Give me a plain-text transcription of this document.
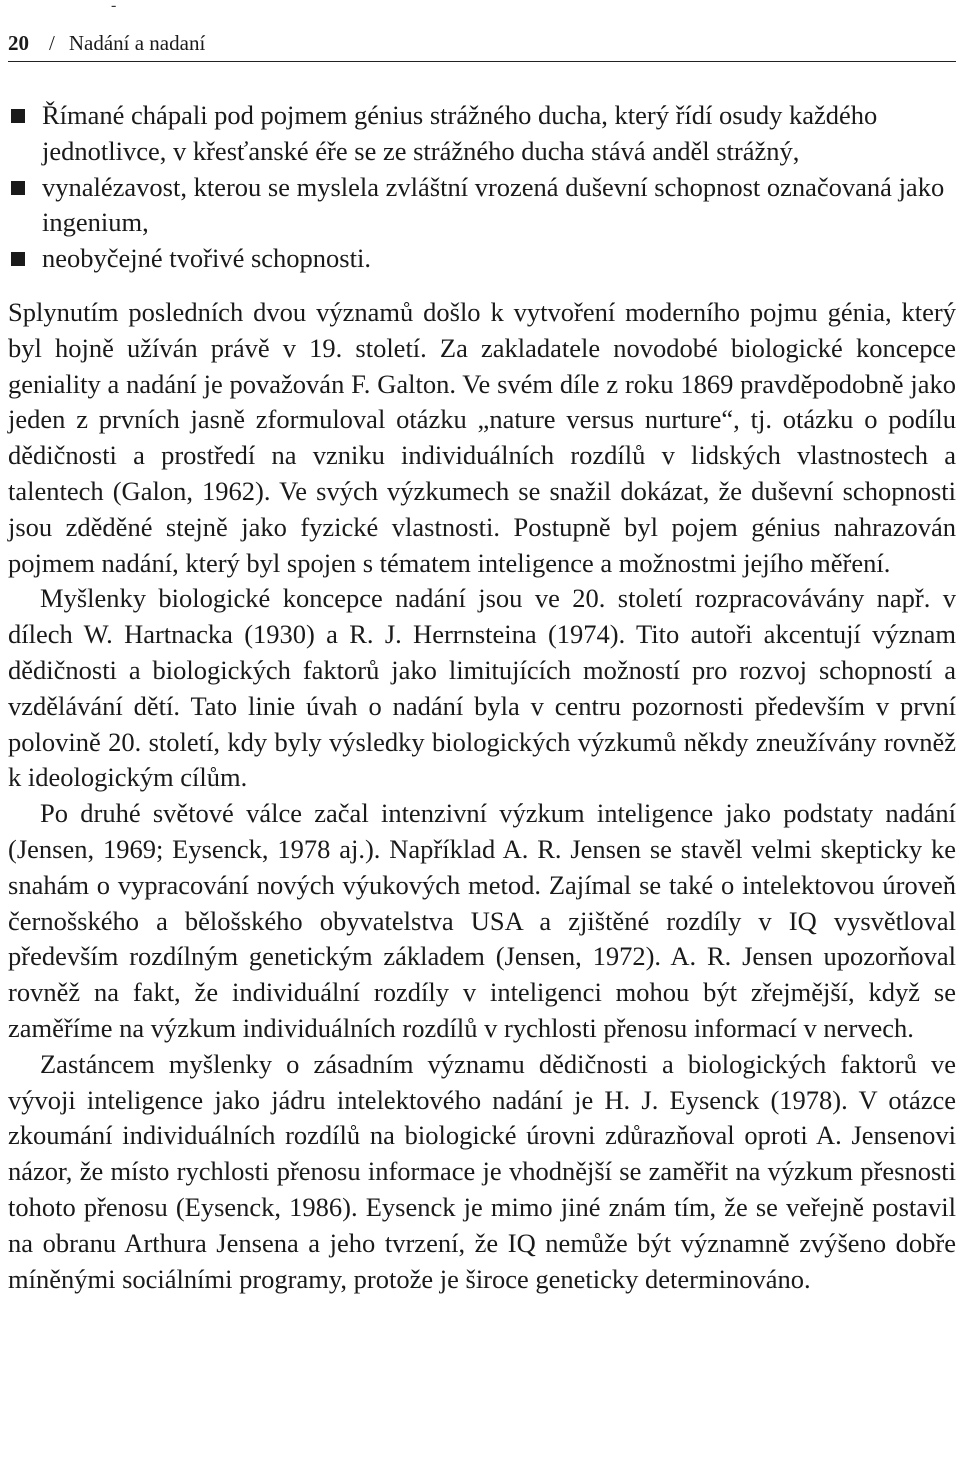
-
20 / Nadání a nadaní
Římané chápali pod pojmem génius strážného ducha, který řídí osudy každého jednotlivce, v křesťanské éře se ze strážného ducha stává anděl strážný,
vynalézavost, kterou se myslela zvláštní vrozená duševní schopnost označovaná jako ingenium,
neobyčejné tvořivé schopnosti.

Splynutím posledních dvou významů došlo k vytvoření moderního pojmu génia, který byl hojně užíván právě v 19. století. Za zakladatele novodobé biologické koncepce geniality a nadání je považován F. Galton. Ve svém díle z roku 1869 pravděpodobně jako jeden z prvních jasně zformuloval otázku „nature versus nurture“, tj. otázku o podílu dědičnosti a prostředí na vzniku individuálních rozdílů v lidských vlastnostech a talentech (Galon, 1962). Ve svých výzkumech se snažil dokázat, že duševní schopnosti jsou zděděné stejně jako fyzické vlastnosti. Postupně byl pojem génius nahrazován pojmem nadání, který byl spojen s tématem inteligence a možnostmi jejího měření.

Myšlenky biologické koncepce nadání jsou ve 20. století rozpracovávány např. v dílech W. Hartnacka (1930) a R. J. Herrnsteina (1974). Tito autoři akcentují význam dědičnosti a biologických faktorů jako limitujících možností pro rozvoj schopností a vzdělávání dětí. Tato linie úvah o nadání byla v centru pozornosti především v první polovině 20. století, kdy byly výsledky biologických výzkumů někdy zneužívány rovněž k ideologickým cílům.

Po druhé světové válce začal intenzivní výzkum inteligence jako podstaty nadání (Jensen, 1969; Eysenck, 1978 aj.). Například A. R. Jensen se stavěl velmi skepticky ke snahám o vypracování nových výukových metod. Zajímal se také o intelektovou úroveň černošského a bělošského obyvatelstva USA a zjištěné rozdíly v IQ vysvětloval především rozdílným genetickým základem (Jensen, 1972). A. R. Jensen upozorňoval rovněž na fakt, že individuální rozdíly v inteligenci mohou být zřejmější, když se zaměříme na výzkum individuálních rozdílů v rychlosti přenosu informací v nervech.

Zastáncem myšlenky o zásadním významu dědičnosti a biologických faktorů ve vývoji inteligence jako jádru intelektového nadání je H. J. Eysenck (1978). V otázce zkoumání individuálních rozdílů na biologické úrovni zdůrazňoval oproti A. Jensenovi názor, že místo rychlosti přenosu informace je vhodnější se zaměřit na výzkum přesnosti tohoto přenosu (Eysenck, 1986). Eysenck je mimo jiné znám tím, že se veřejně postavil na obranu Arthura Jensena a jeho tvrzení, že IQ nemůže být významně zvýšeno dobře míněnými sociálními programy, protože je široce geneticky determinováno.
